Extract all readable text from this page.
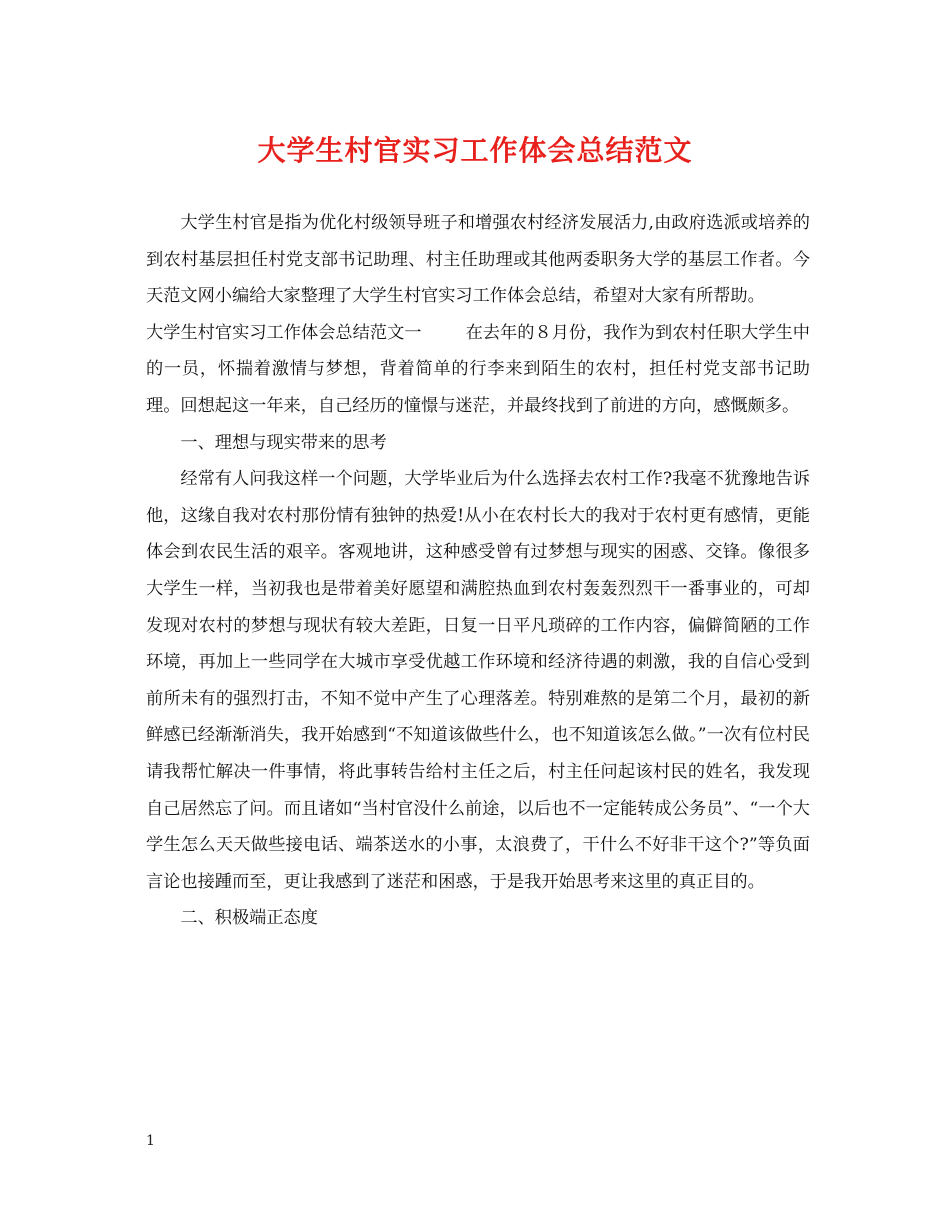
大学生村官实习工作体会总结范文

大学生村官是指为优化村级领导班子和增强农村经济发展活力,由政府选派或培养的到农村基层担任村党支部书记助理、村主任助理或其他两委职务大学的基层工作者。今天范文网小编给大家整理了大学生村官实习工作体会总结，希望对大家有所帮助。

大学生村官实习工作体会总结范文一	在去年的８月份，我作为到农村任职大学生中的一员，怀揣着激情与梦想，背着简单的行李来到陌生的农村，担任村党支部书记助理。回想起这一年来，自己经历的憧憬与迷茫，并最终找到了前进的方向，感慨颇多。

一、理想与现实带来的思考

经常有人问我这样一个问题，大学毕业后为什么选择去农村工作?我毫不犹豫地告诉他，这缘自我对农村那份情有独钟的热爱!从小在农村长大的我对于农村更有感情，更能体会到农民生活的艰辛。客观地讲，这种感受曾有过梦想与现实的困惑、交锋。像很多大学生一样，当初我也是带着美好愿望和满腔热血到农村轰轰烈烈干一番事业的，可却发现对农村的梦想与现状有较大差距，日复一日平凡琐碎的工作内容，偏僻简陋的工作环境，再加上一些同学在大城市享受优越工作环境和经济待遇的刺激，我的自信心受到前所未有的强烈打击，不知不觉中产生了心理落差。特别难熬的是第二个月，最初的新鲜感已经渐渐消失，我开始感到“不知道该做些什么，也不知道该怎么做。”一次有位村民请我帮忙解决一件事情，将此事转告给村主任之后，村主任问起该村民的姓名，我发现自己居然忘了问。而且诸如“当村官没什么前途，以后也不一定能转成公务员”、“一个大学生怎么天天做些接电话、端茶送水的小事，太浪费了，干什么不好非干这个?”等负面言论也接踵而至，更让我感到了迷茫和困惑，于是我开始思考来这里的真正目的。

二、积极端正态度

1
